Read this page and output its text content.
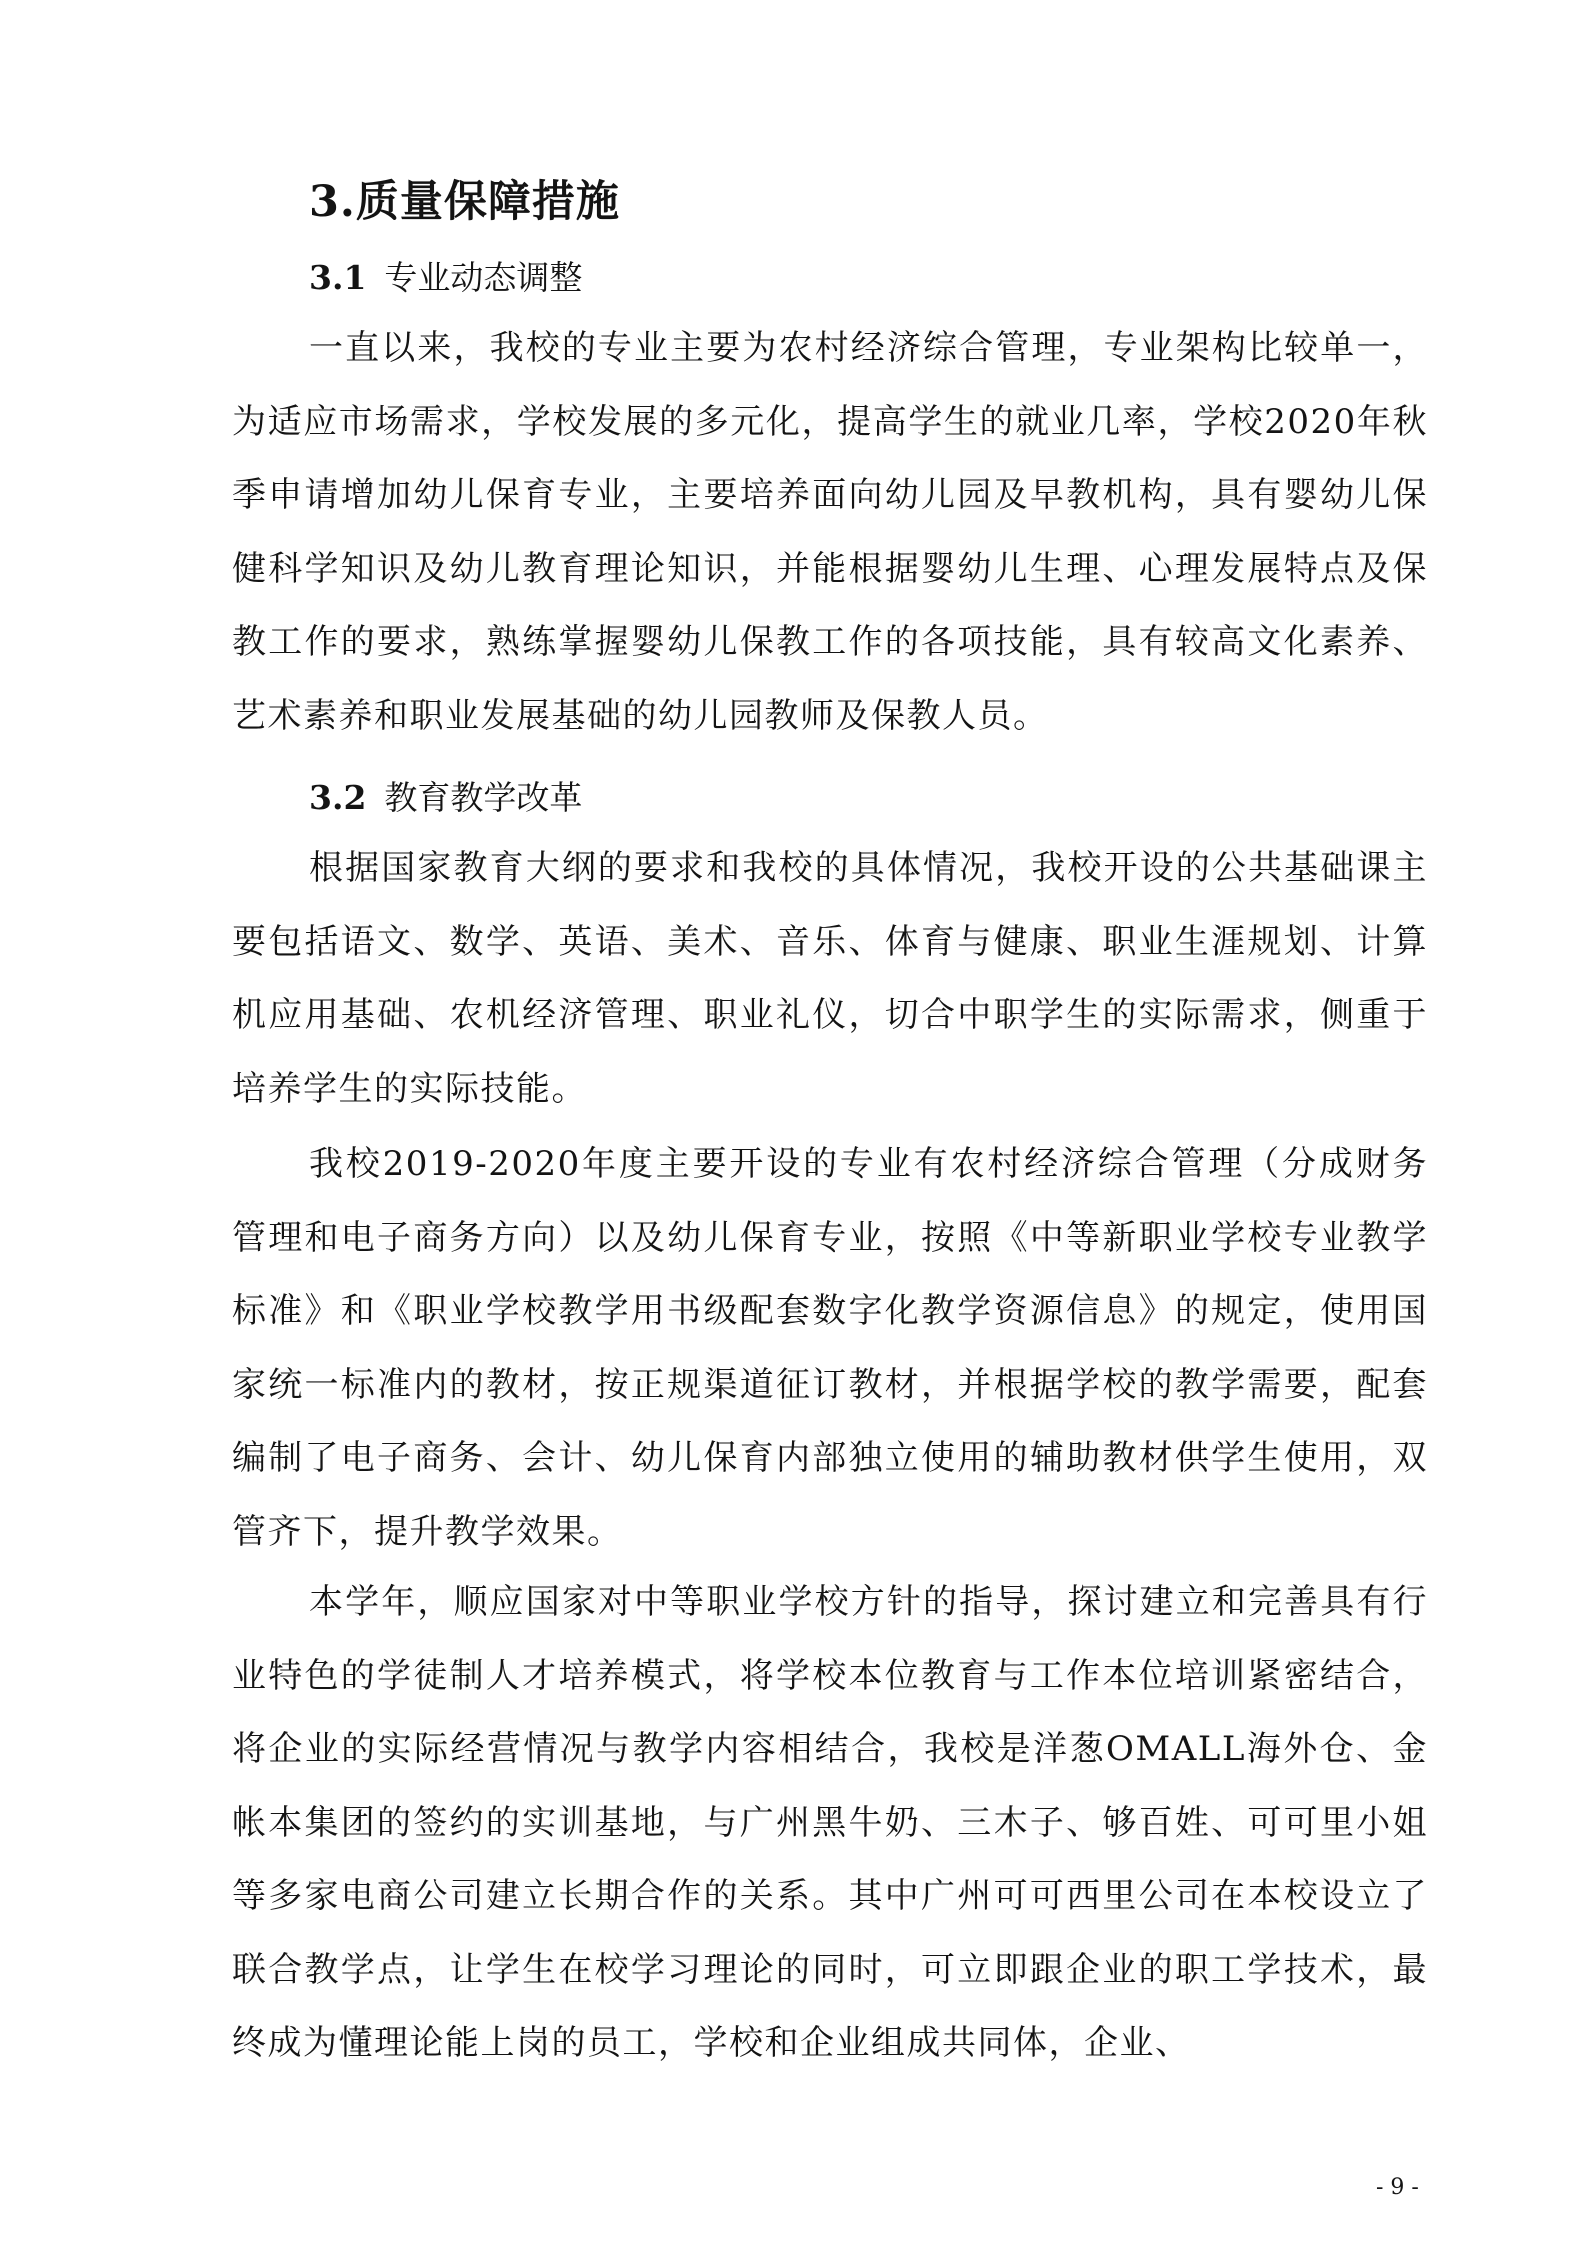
3.质量保障措施
3.1 专业动态调整

一直以来，我校的专业主要为农村经济综合管理，专业架构比较单一，为适应市场需求，学校发展的多元化，提高学生的就业几率，学校2020年秋季申请增加幼儿保育专业，主要培养面向幼儿园及早教机构，具有婴幼儿保健科学知识及幼儿教育理论知识，并能根据婴幼儿生理、心理发展特点及保教工作的要求，熟练掌握婴幼儿保教工作的各项技能，具有较高文化素养、艺术素养和职业发展基础的幼儿园教师及保教人员。

3.2 教育教学改革

根据国家教育大纲的要求和我校的具体情况，我校开设的公共基础课主要包括语文、数学、英语、美术、音乐、体育与健康、职业生涯规划、计算机应用基础、农机经济管理、职业礼仪，切合中职学生的实际需求，侧重于培养学生的实际技能。

我校2019-2020年度主要开设的专业有农村经济综合管理（分成财务管理和电子商务方向）以及幼儿保育专业，按照《中等新职业学校专业教学标准》和《职业学校教学用书级配套数字化教学资源信息》的规定，使用国家统一标准内的教材，按正规渠道征订教材，并根据学校的教学需要，配套编制了电子商务、会计、幼儿保育内部独立使用的辅助教材供学生使用，双管齐下，提升教学效果。

本学年，顺应国家对中等职业学校方针的指导，探讨建立和完善具有行业特色的学徒制人才培养模式，将学校本位教育与工作本位培训紧密结合，将企业的实际经营情况与教学内容相结合，我校是洋葱OMALL海外仓、金帐本集团的签约的实训基地，与广州黑牛奶、三木子、够百姓、可可里小姐等多家电商公司建立长期合作的关系。其中广州可可西里公司在本校设立了联合教学点，让学生在校学习理论的同时，可立即跟企业的职工学技术，最终成为懂理论能上岗的员工，学校和企业组成共同体，企业、

- 9 -
